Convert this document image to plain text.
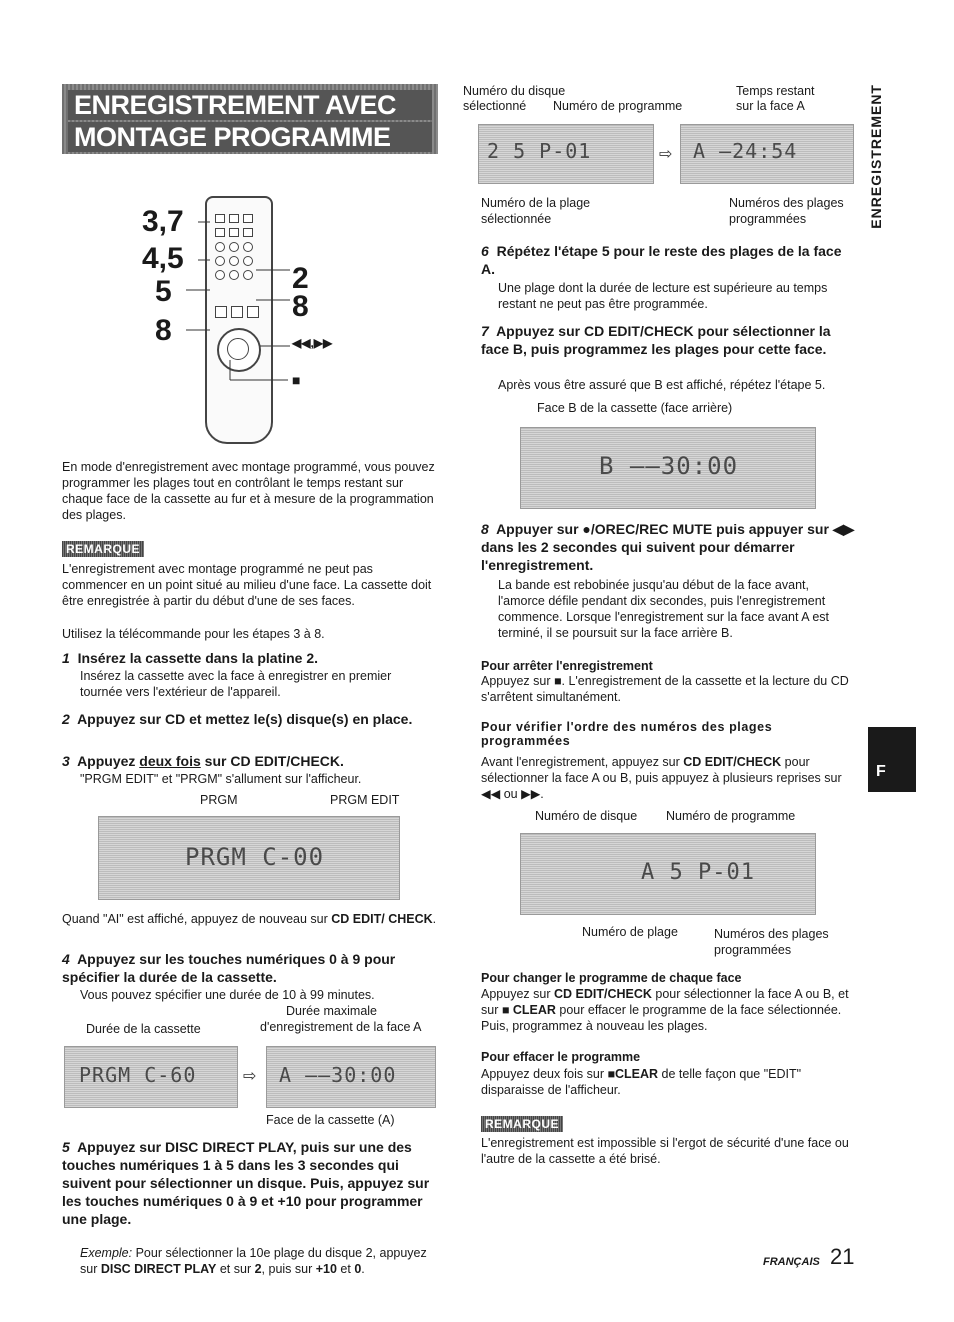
ENREGISTREMENT AVEC
MONTAGE PROGRAMME
3,7
4,5
5
8
2
8
◀◀,▶▶
■
En mode d'enregistrement avec montage programmé, vous pouvez programmer les plages tout en contrôlant le temps restant sur chaque face de la cassette au fur et à mesure de la programmation des plages.
REMARQUE
L'enregistrement avec montage programmé ne peut pas commencer en un point situé au milieu d'une face. La cassette doit être enregistrée à partir du début d'une de ses faces.
Utilisez la télécommande pour les étapes 3 à 8.
1 Insérez la cassette dans la platine 2.
Insérez la cassette avec la face à enregistrer en premier tournée vers l'extérieur de l'appareil.
2 Appuyez sur CD et mettez le(s) disque(s) en place.
3 Appuyez deux fois sur CD EDIT/CHECK.
"PRGM EDIT" et "PRGM" s'allument sur l'afficheur.
PRGM	PRGM EDIT
PRGM C-00
Quand "AI" est affiché, appuyez de nouveau sur CD EDIT/ CHECK.
4 Appuyez sur les touches numériques 0 à 9 pour spécifier la durée de la cassette.
Vous pouvez spécifier une durée de 10 à 99 minutes.
Durée de la cassette
Durée maximale
d'enregistrement de la face A
PRGM C-60	⇨ A ––30:00
Face de la cassette (A)
5 Appuyez sur DISC DIRECT PLAY, puis sur une des touches numériques 1 à 5 dans les 3 secondes qui suivent pour sélectionner un disque. Puis, appuyez sur les touches numériques 0 à 9 et +10 pour programmer une plage.
Exemple: Pour sélectionner la 10e plage du disque 2, appuyez sur DISC DIRECT PLAY et sur 2, puis sur +10 et 0.
Numéro du disque
sélectionné Numéro de programme
Temps restant
sur la face A
2 5 P-01	⇨ A –24:54
Numéro de la plage
sélectionnée
Numéros des plages
programmées
6 Répétez l'étape 5 pour le reste des plages de la face A.
Une plage dont la durée de lecture est supérieure au temps restant ne peut pas être programmée.
7 Appuyez sur CD EDIT/CHECK pour sélectionner la face B, puis programmez les plages pour cette face.
Après vous être assuré que B est affiché, répétez l'étape 5.
Face B de la cassette (face arrière)
B ––30:00
8 Appuyer sur ●/OREC/REC MUTE puis appuyer sur ◀▶ dans les 2 secondes qui suivent pour démarrer l'enregistrement.
La bande est rebobinée jusqu'au début de la face avant, l'amorce défile pendant dix secondes, puis l'enregistrement commence. Lorsque l'enregistrement sur la face avant A est terminé, il se poursuit sur la face arrière B.
Pour arrêter l'enregistrement
Appuyez sur ■. L'enregistrement de la cassette et la lecture du CD s'arrêtent simultanément.
Pour vérifier l'ordre des numéros des plages programmées
Avant l'enregistrement, appuyez sur CD EDIT/CHECK pour sélectionner la face A ou B, puis appuyez à plusieurs reprises sur ◀◀ ou ▶▶.
Numéro de disque Numéro de programme
A 5 P-01
Numéro de plage	Numéros des plages
programmées
Pour changer le programme de chaque face
Appuyez sur CD EDIT/CHECK pour sélectionner la face A ou B, et sur ■ CLEAR pour effacer le programme de la face sélectionnée. Puis, programmez à nouveau les plages.
Pour effacer le programme
Appuyez deux fois sur ■CLEAR de telle façon que "EDIT" disparaisse de l'afficheur.
REMARQUE
L'enregistrement est impossible si l'ergot de sécurité d'une face ou l'autre de la cassette a été brisé.
ENREGISTREMENT
F
FRANÇAIS 21
